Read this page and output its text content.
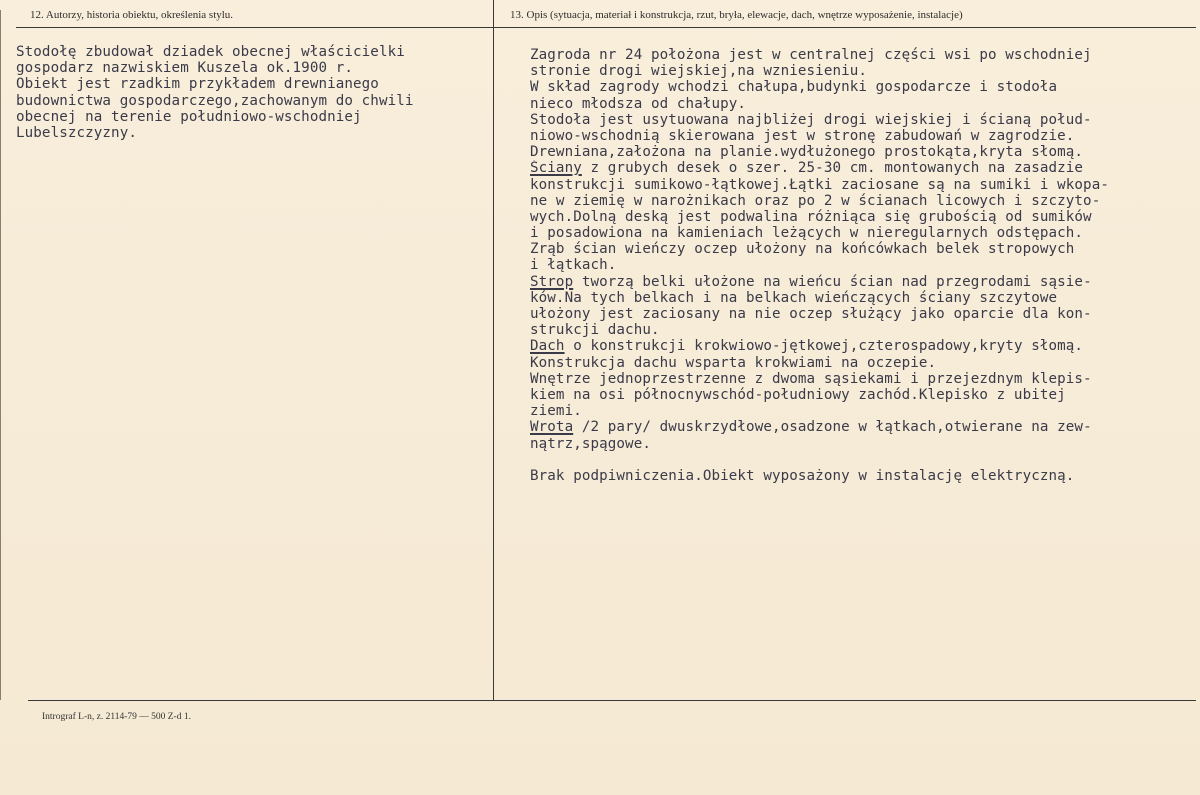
12. Autorzy, historia obiektu, określenia stylu.	13. Opis (sytuacja, materiał i konstrukcja, rzut, bryła, elewacje, dach, wnętrze wyposażenie, instalacje)
Stodołę zbudował dziadek obecnej właścicielki
gospodarz nazwiskiem Kuszela ok.1900 r.
Obiekt jest rzadkim przykładem drewnianego
budownictwa gospodarczego,zachowanym do chwili
obecnej na terenie południowo-wschodniej
Lubelszczyzny.
Zagroda nr 24 położona jest w centralnej części wsi po wschodniej
stronie drogi wiejskiej,na wzniesieniu.
W skład zagrody wchodzi chałupa,budynki gospodarcze i stodoła
nieco młodsza od chałupy.
Stodoła jest usytuowana najbliżej drogi wiejskiej i ścianą połud-
niowo-wschodnią skierowana jest w stronę zabudowań w zagrodzie.
Drewniana,założona na planie.wydłużonego prostokąta,kryta słomą.
Ściany z grubych desek o szer. 25-30 cm. montowanych na zasadzie
konstrukcji sumikowo-łątkowej.Łątki zaciosane są na sumiki i wkopa-
ne w ziemię w narożnikach oraz po 2 w ścianach licowych i szczyto-
wych.Dolną deską jest podwalina różniąca się grubością od sumików
i posadowiona na kamieniach leżących w nieregularnych odstępach.
Zrąb ścian wieńczy oczep ułożony na końcówkach belek stropowych
i łątkach.
Strop tworzą belki ułożone na wieńcu ścian nad przegrodami sąsie-
ków.Na tych belkach i na belkach wieńczących ściany szczytowe
ułożony jest zaciosany na nie oczep służący jako oparcie dla kon-
strukcji dachu.
Dach o konstrukcji krokwiowo-jętkowej,czterospadowy,kryty słomą.
Konstrukcja dachu wsparta krokwiami na oczepie.
Wnętrze jednoprzestrzenne z dwoma sąsiekami i przejezdnym klepis-
kiem na osi północnywschód-południowy zachód.Klepisko z ubitej
ziemi.
Wrota /2 pary/ dwuskrzydłowe,osadzone w łątkach,otwierane na zew-
nątrz,spągowe.
Brak podpiwniczenia.Obiekt wyposażony w instalację elektryczną.
Intrograf L-n, z. 2114-79 — 500 Z-d 1.
